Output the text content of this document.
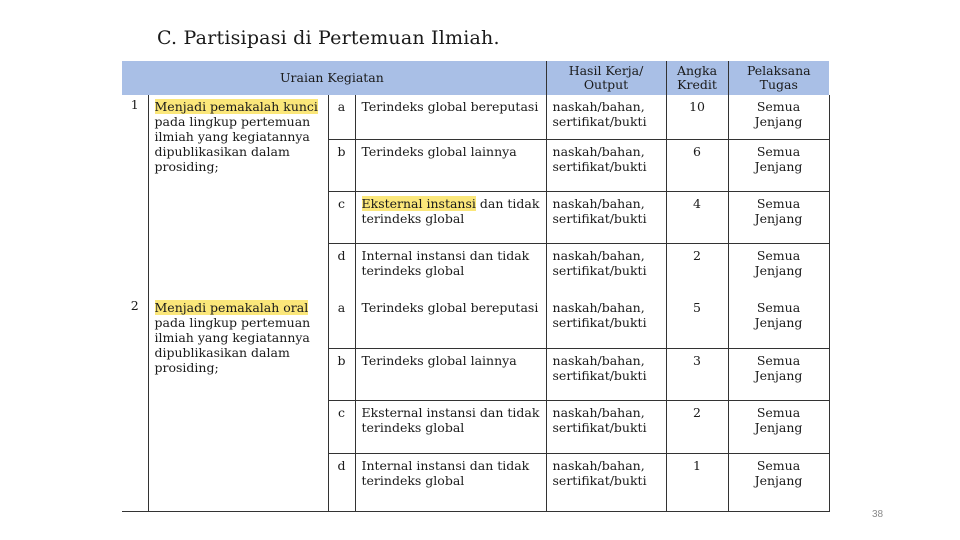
C. Partisipasi di Pertemuan Ilmiah.
Uraian Kegiatan				Hasil Kerja/ Output	Angka Kredit	Pelaksana Tugas
1	Menjadi pemakalah kunci pada lingkup pertemuan ilmiah yang kegiatannya dipublikasikan dalam prosiding;	a	Terindeks global bereputasi	naskah/bahan, sertifikat/bukti	10	Semua Jenjang
		b	Terindeks global lainnya	naskah/bahan, sertifikat/bukti	6	Semua Jenjang
		c	Eksternal instansi dan tidak terindeks global	naskah/bahan, sertifikat/bukti	4	Semua Jenjang
		d	Internal instansi dan tidak terindeks global	naskah/bahan, sertifikat/bukti	2	Semua Jenjang
2	Menjadi pemakalah oral pada lingkup pertemuan ilmiah yang kegiatannya dipublikasikan dalam prosiding;	a	Terindeks global bereputasi	naskah/bahan, sertifikat/bukti	5	Semua Jenjang
		b	Terindeks global lainnya	naskah/bahan, sertifikat/bukti	3	Semua Jenjang
		c	Eksternal instansi dan tidak terindeks global	naskah/bahan, sertifikat/bukti	2	Semua Jenjang
		d	Internal instansi dan tidak terindeks global	naskah/bahan, sertifikat/bukti	1	Semua Jenjang
38
